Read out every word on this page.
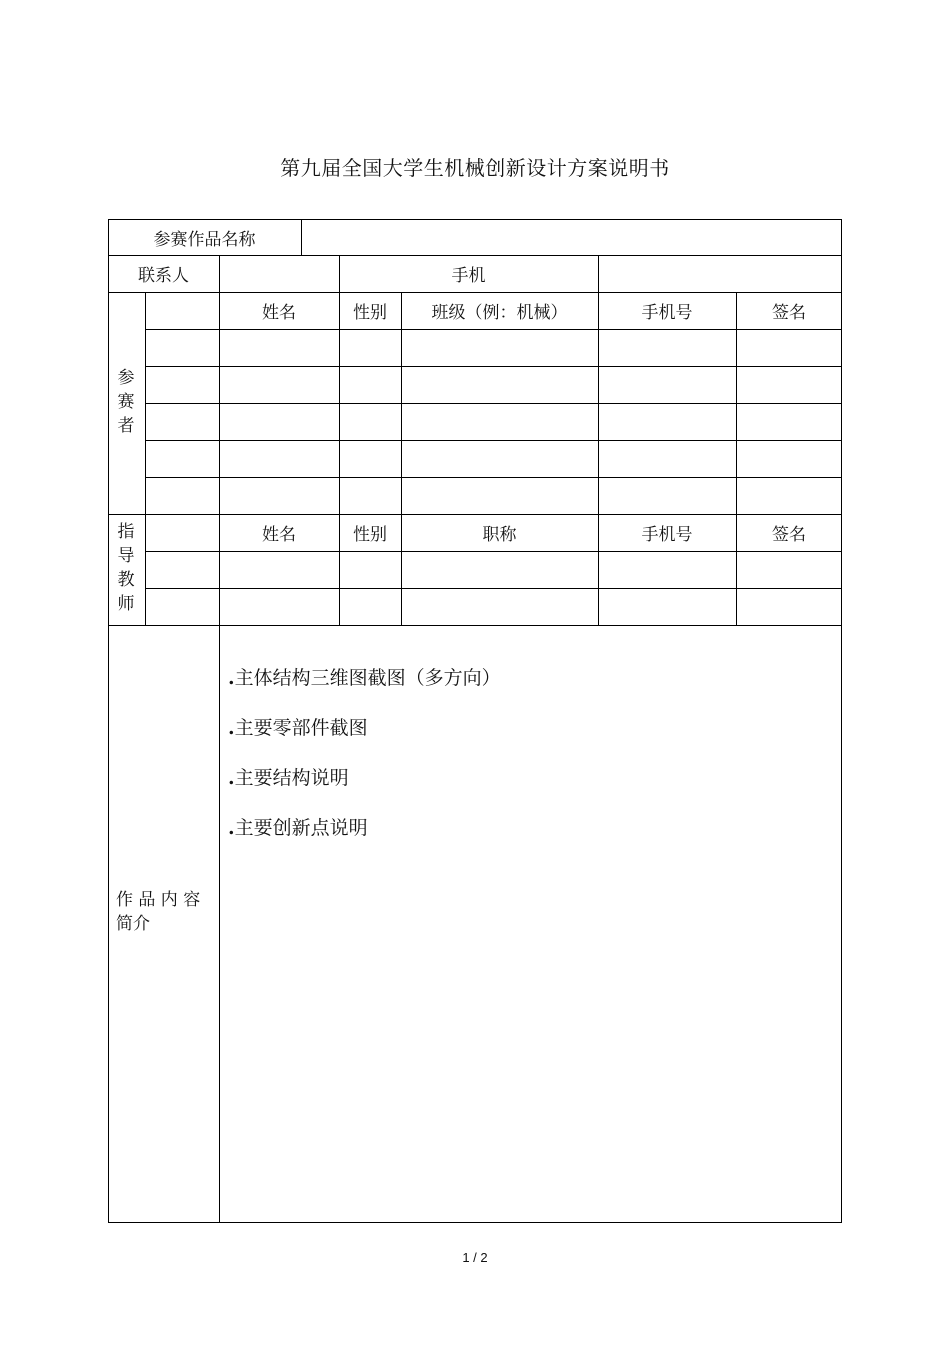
第九届全国大学生机械创新设计方案说明书
参赛作品名称
联系人	手机
姓名	性别	班级（例：机械）	手机号	签名
参
赛
者
姓名	性别	职称	手机号	签名
指
导
教
师
作 品 内 容
简介
.主体结构三维图截图（多方向）
.主要零部件截图
.主要结构说明
.主要创新点说明
1 / 2
